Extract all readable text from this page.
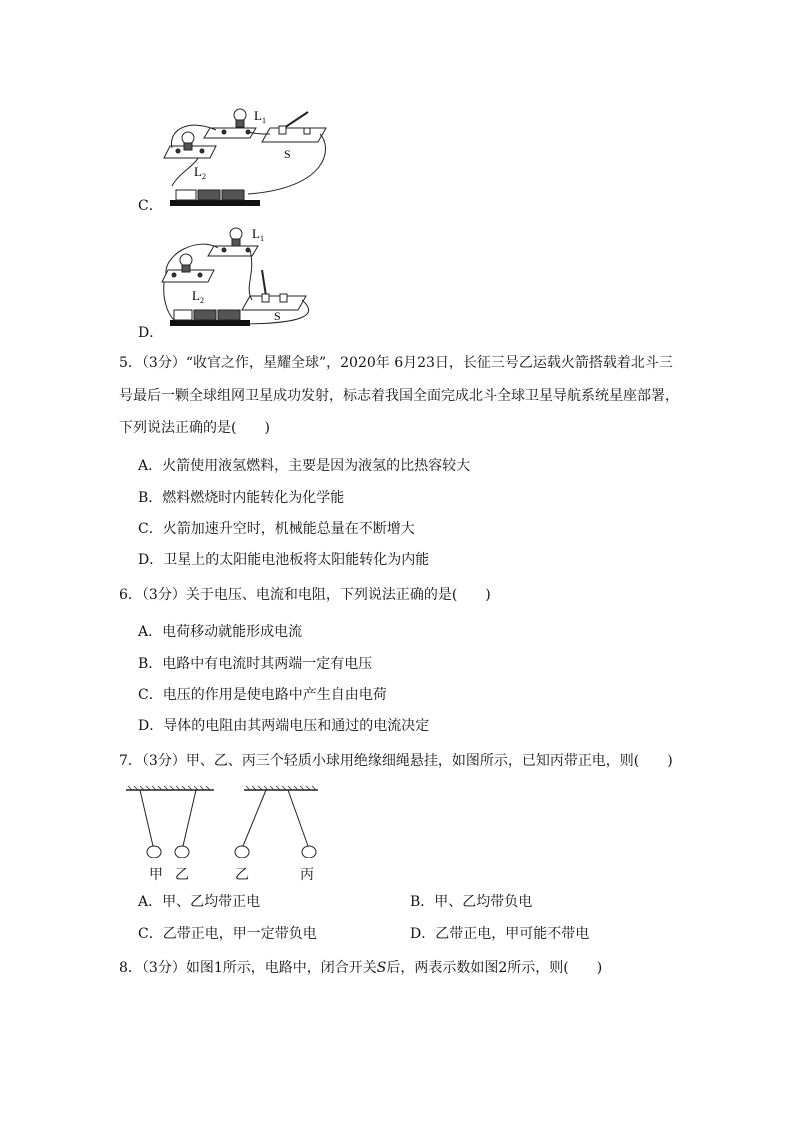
C．
$L_1$
$L_2$
S
D．
$L_1$
$L_2$
S
5．（3分）“收官之作，星耀全球”，2020年 6月23日，长征三号乙运载火箭搭载着北斗三
号最后一颗全球组网卫星成功发射，标志着我国全面完成北斗全球卫星导航系统星座部署，
下列说法正确的是(　　)
A．火箭使用液氢燃料，主要是因为液氢的比热容较大
B．燃料燃烧时内能转化为化学能
C．火箭加速升空时，机械能总量在不断增大
D．卫星上的太阳能电池板将太阳能转化为内能
6．（3分）关于电压、电流和电阻，下列说法正确的是(　　)
A．电荷移动就能形成电流
B．电路中有电流时其两端一定有电压
C．电压的作用是使电路中产生自由电荷
D．导体的电阻由其两端电压和通过的电流决定
7．（3分）甲、乙、丙三个轻质小球用绝缘细绳悬挂，如图所示，已知丙带正电，则(　　)
甲 乙	乙	丙
A．甲、乙均带正电	B．甲、乙均带负电
C．乙带正电，甲一定带负电	D．乙带正电，甲可能不带电
8．（3分）如图1所示，电路中，闭合开关S后，两表示数如图2所示，则(　　)
